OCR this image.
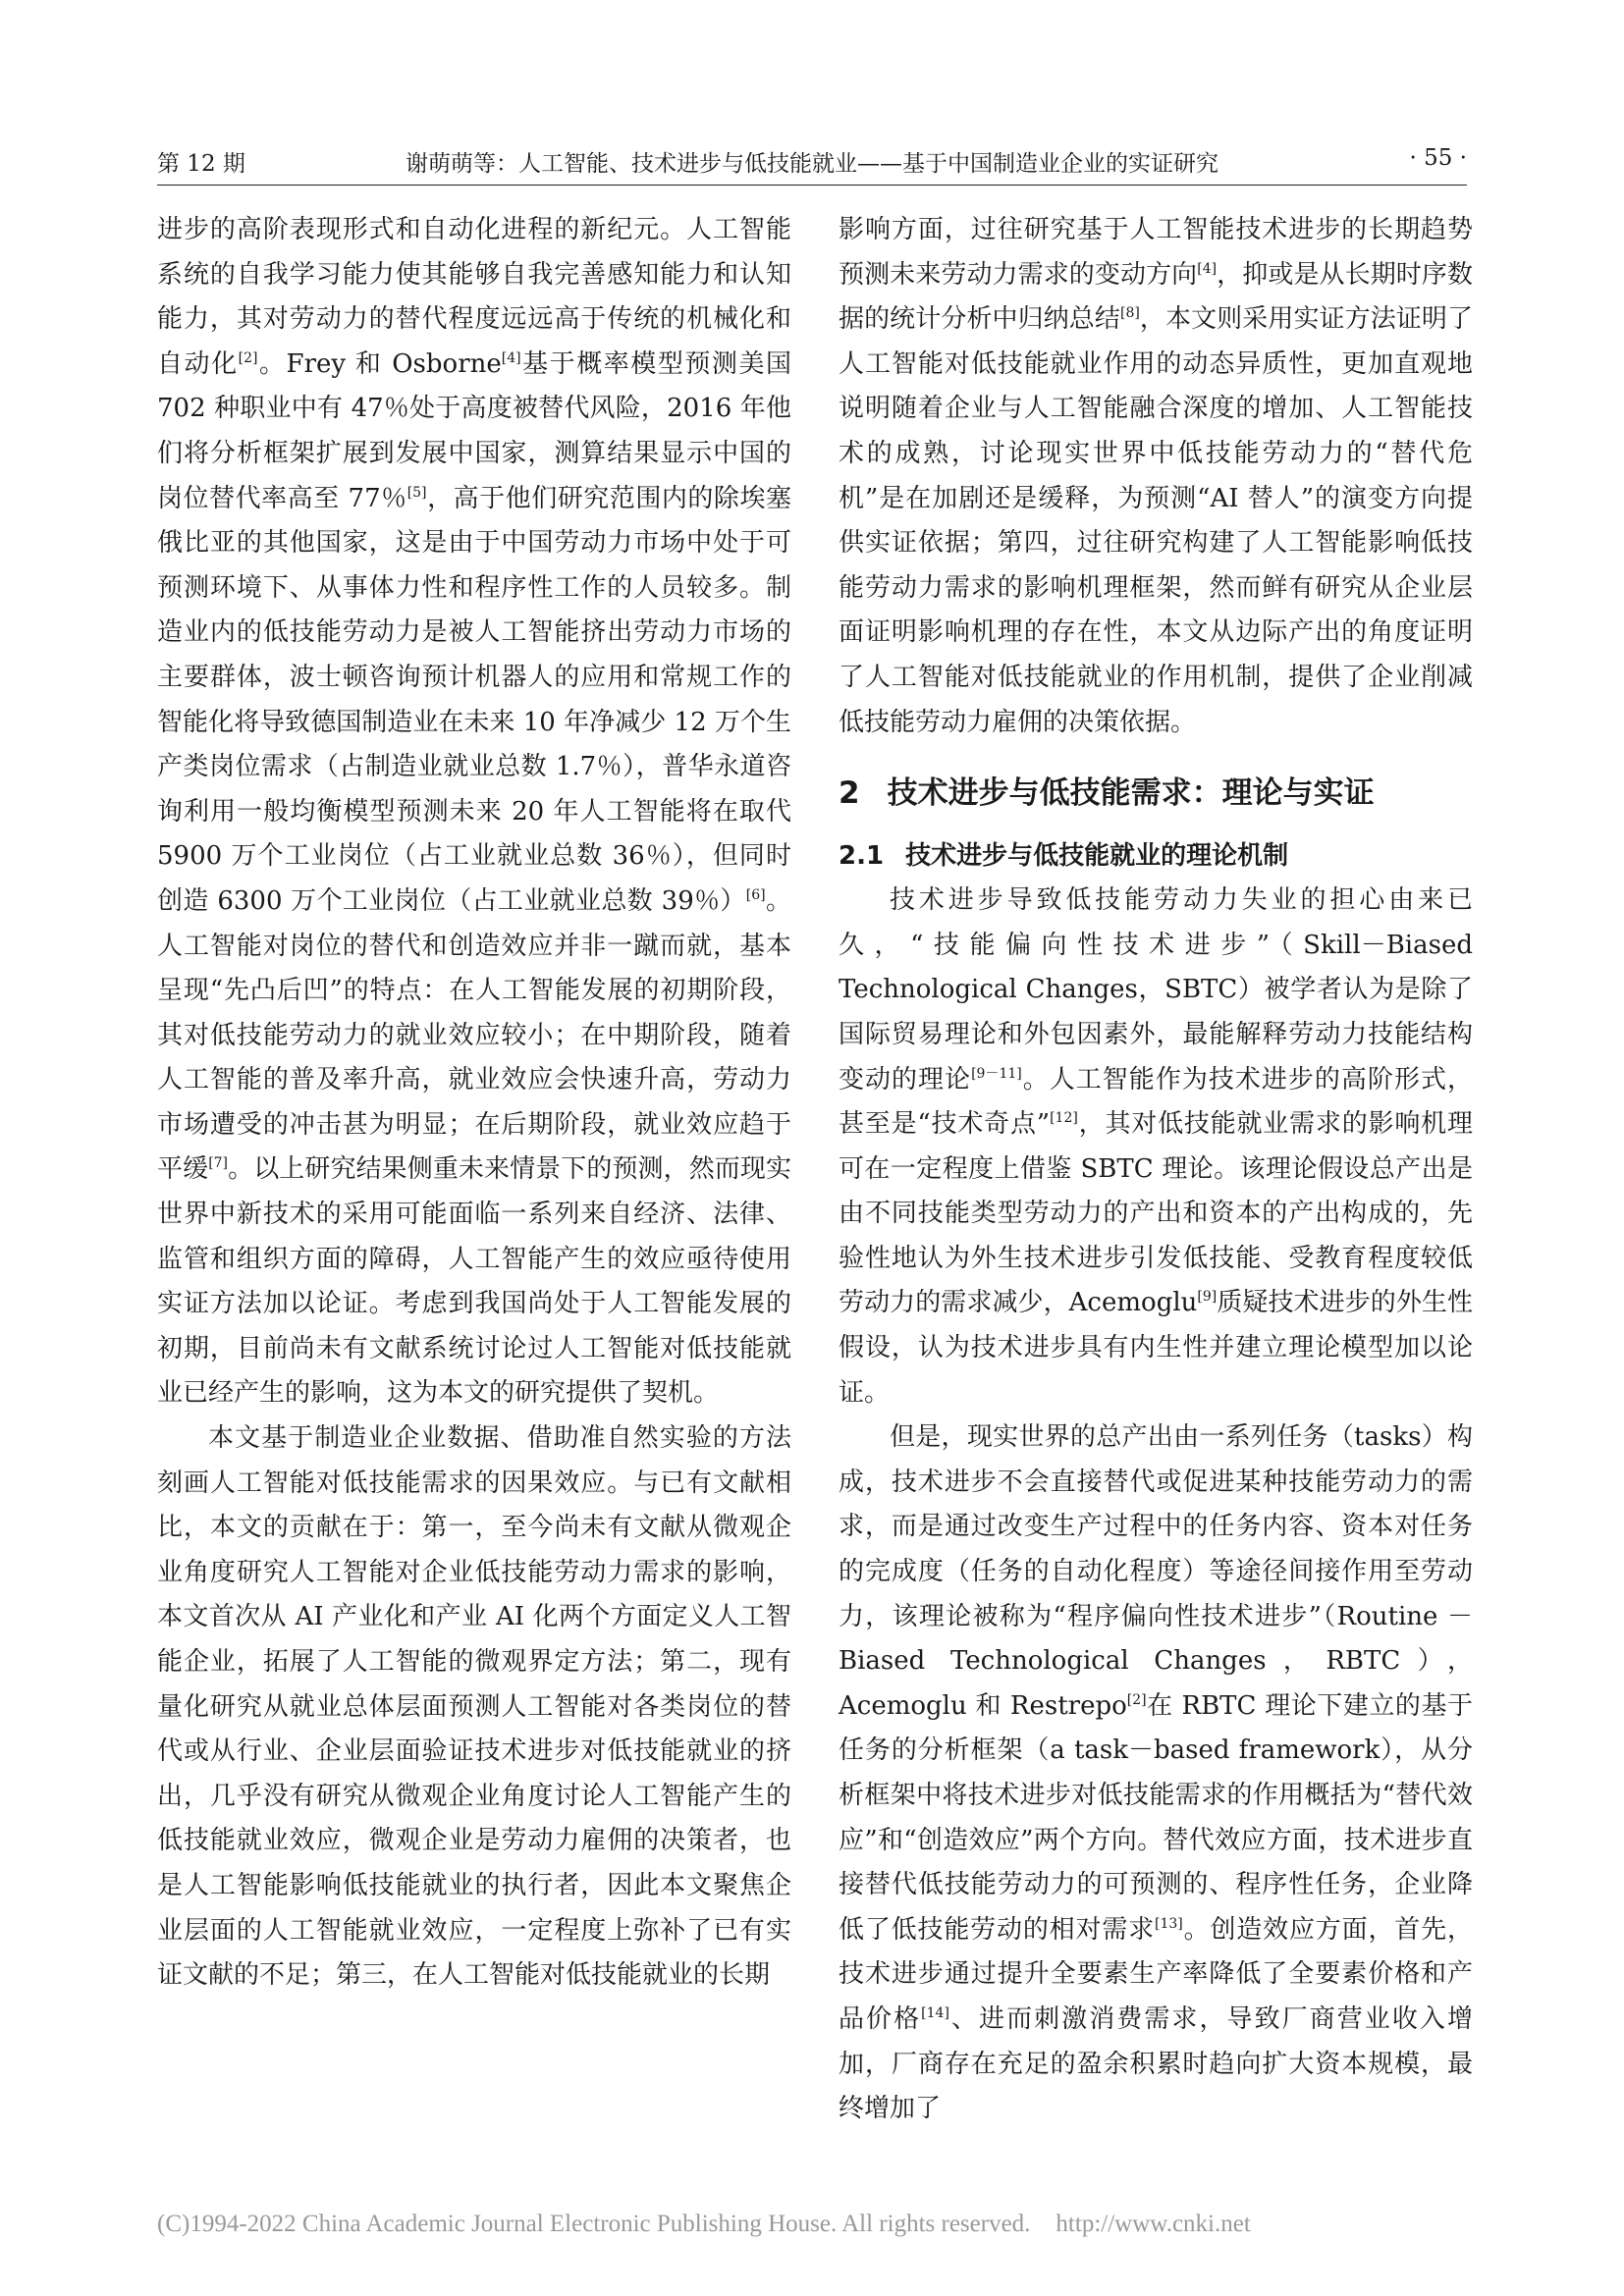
第 12 期	谢萌萌等：人工智能、技术进步与低技能就业——基于中国制造业企业的实证研究	· 55 ·

进步的高阶表现形式和自动化进程的新纪元。人工智能系统的自我学习能力使其能够自我完善感知能力和认知能力，其对劳动力的替代程度远远高于传统的机械化和自动化[2]。Frey 和 Osborne[4]基于概率模型预测美国 702 种职业中有 47％处于高度被替代风险，2016 年他们将分析框架扩展到发展中国家，测算结果显示中国的岗位替代率高至 77％[5]，高于他们研究范围内的除埃塞俄比亚的其他国家，这是由于中国劳动力市场中处于可预测环境下、从事体力性和程序性工作的人员较多。制造业内的低技能劳动力是被人工智能挤出劳动力市场的主要群体，波士顿咨询预计机器人的应用和常规工作的智能化将导致德国制造业在未来 10 年净减少 12 万个生产类岗位需求（占制造业就业总数 1.7％），普华永道咨询利用一般均衡模型预测未来 20 年人工智能将在取代 5900 万个工业岗位（占工业就业总数 36％），但同时创造 6300 万个工业岗位（占工业就业总数 39％）[6]。人工智能对岗位的替代和创造效应并非一蹴而就，基本呈现“先凸后凹”的特点：在人工智能发展的初期阶段，其对低技能劳动力的就业效应较小；在中期阶段，随着人工智能的普及率升高，就业效应会快速升高，劳动力市场遭受的冲击甚为明显；在后期阶段，就业效应趋于平缓[7]。以上研究结果侧重未来情景下的预测，然而现实世界中新技术的采用可能面临一系列来自经济、法律、监管和组织方面的障碍，人工智能产生的效应亟待使用实证方法加以论证。考虑到我国尚处于人工智能发展的初期，目前尚未有文献系统讨论过人工智能对低技能就业已经产生的影响，这为本文的研究提供了契机。

本文基于制造业企业数据、借助准自然实验的方法刻画人工智能对低技能需求的因果效应。与已有文献相比，本文的贡献在于：第一，至今尚未有文献从微观企业角度研究人工智能对企业低技能劳动力需求的影响，本文首次从 AI 产业化和产业 AI 化两个方面定义人工智能企业，拓展了人工智能的微观界定方法；第二，现有量化研究从就业总体层面预测人工智能对各类岗位的替代或从行业、企业层面验证技术进步对低技能就业的挤出，几乎没有研究从微观企业角度讨论人工智能产生的低技能就业效应，微观企业是劳动力雇佣的决策者，也是人工智能影响低技能就业的执行者，因此本文聚焦企业层面的人工智能就业效应，一定程度上弥补了已有实证文献的不足；第三，在人工智能对低技能就业的长期

影响方面，过往研究基于人工智能技术进步的长期趋势预测未来劳动力需求的变动方向[4]，抑或是从长期时序数据的统计分析中归纳总结[8]，本文则采用实证方法证明了人工智能对低技能就业作用的动态异质性，更加直观地说明随着企业与人工智能融合深度的增加、人工智能技术的成熟，讨论现实世界中低技能劳动力的“替代危机”是在加剧还是缓释，为预测“AI 替人”的演变方向提供实证依据；第四，过往研究构建了人工智能影响低技能劳动力需求的影响机理框架，然而鲜有研究从企业层面证明影响机理的存在性，本文从边际产出的角度证明了人工智能对低技能就业的作用机制，提供了企业削减低技能劳动力雇佣的决策依据。

2 技术进步与低技能需求：理论与实证
2.1 技术进步与低技能就业的理论机制

技术进步导致低技能劳动力失业的担心由来已久，“技能偏向性技术进步”（Skill－Biased Technological Changes，SBTC）被学者认为是除了国际贸易理论和外包因素外，最能解释劳动力技能结构变动的理论[9－11]。人工智能作为技术进步的高阶形式，甚至是“技术奇点”[12]，其对低技能就业需求的影响机理可在一定程度上借鉴 SBTC 理论。该理论假设总产出是由不同技能类型劳动力的产出和资本的产出构成的，先验性地认为外生技术进步引发低技能、受教育程度较低劳动力的需求减少，Acemoglu[9]质疑技术进步的外生性假设，认为技术进步具有内生性并建立理论模型加以论证。

但是，现实世界的总产出由一系列任务（tasks）构成，技术进步不会直接替代或促进某种技能劳动力的需求，而是通过改变生产过程中的任务内容、资本对任务的完成度（任务的自动化程度）等途径间接作用至劳动力，该理论被称为“程序偏向性技术进步”（Routine － Biased Technological Changes，RBTC），Acemoglu 和 Restrepo[2]在 RBTC 理论下建立的基于任务的分析框架（a task－based framework），从分析框架中将技术进步对低技能需求的作用概括为“替代效应”和“创造效应”两个方向。替代效应方面，技术进步直接替代低技能劳动力的可预测的、程序性任务，企业降低了低技能劳动的相对需求[13]。创造效应方面，首先，技术进步通过提升全要素生产率降低了全要素价格和产品价格[14]、进而刺激消费需求，导致厂商营业收入增加，厂商存在充足的盈余积累时趋向扩大资本规模，最终增加了

(C)1994-2022 China Academic Journal Electronic Publishing House. All rights reserved. http://www.cnki.net
